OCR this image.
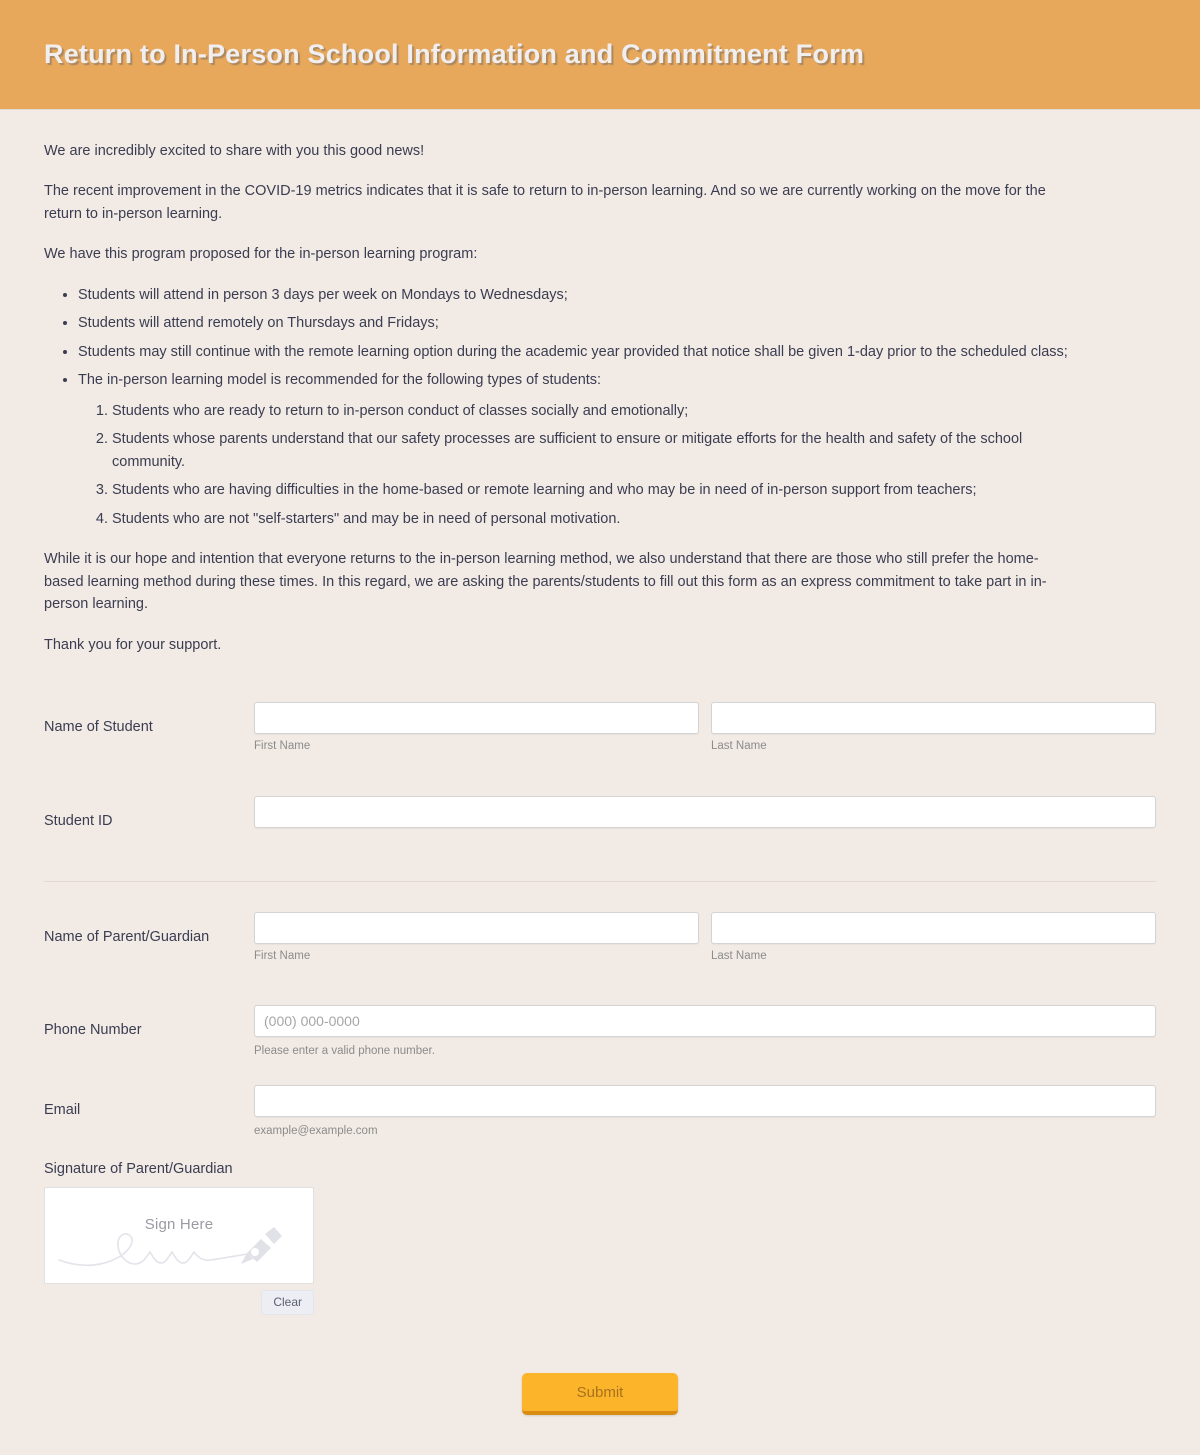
Return to In-Person School Information and Commitment Form

We are incredibly excited to share with you this good news!

The recent improvement in the COVID-19 metrics indicates that it is safe to return to in-person learning. And so we are currently working on the move for the return to in-person learning.

We have this program proposed for the in-person learning program:

• Students will attend in person 3 days per week on Mondays to Wednesdays;
• Students will attend remotely on Thursdays and Fridays;
• Students may still continue with the remote learning option during the academic year provided that notice shall be given 1-day prior to the scheduled class;
• The in-person learning model is recommended for the following types of students:
1. Students who are ready to return to in-person conduct of classes socially and emotionally;
2. Students whose parents understand that our safety processes are sufficient to ensure or mitigate efforts for the health and safety of the school community.
3. Students who are having difficulties in the home-based or remote learning and who may be in need of in-person support from teachers;
4. Students who are not "self-starters" and may be in need of personal motivation.

While it is our hope and intention that everyone returns to the in-person learning method, we also understand that there are those who still prefer the home-based learning method during these times. In this regard, we are asking the parents/students to fill out this form as an express commitment to take part in in-person learning.

Thank you for your support.

Name of Student
First Name	Last Name
Student ID
Name of Parent/Guardian
First Name	Last Name
Phone Number
(000) 000-0000
Please enter a valid phone number.
Email
example@example.com
Signature of Parent/Guardian
Sign Here
Clear
Submit
